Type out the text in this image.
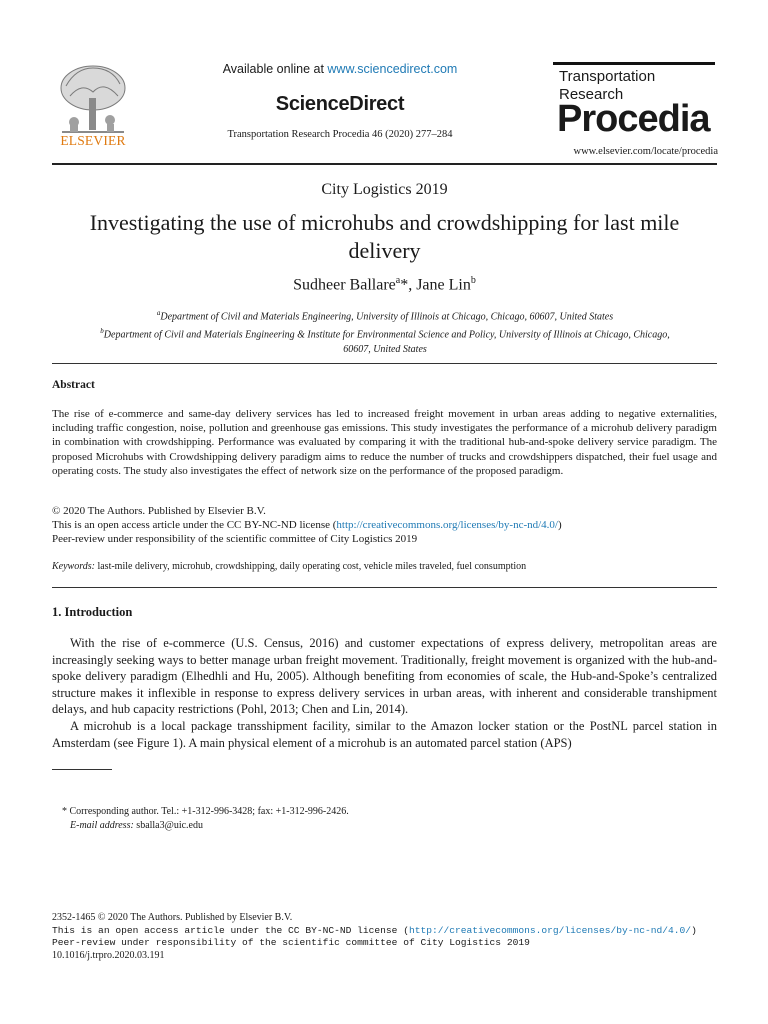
ELSEVIER
Available online at www.sciencedirect.com
ScienceDirect
Transportation Research Procedia 46 (2020) 277–284
Transportation
Research
Procedia
www.elsevier.com/locate/procedia
City Logistics 2019
Investigating the use of microhubs and crowdshipping for last mile
delivery
Sudheer Ballare$^a$*, Jane Lin$^b$
$^a$Department of Civil and Materials Engineering, University of Illinois at Chicago, Chicago, 60607, United States
$^b$Department of Civil and Materials Engineering & Institute for Environmental Science and Policy, University of Illinois at Chicago, Chicago,
60607, United States
Abstract
The rise of e-commerce and same-day delivery services has led to increased freight movement in urban areas adding to negative externalities, including traffic congestion, noise, pollution and greenhouse gas emissions. This study investigates the performance of a microhub delivery paradigm in combination with crowdshipping. Performance was evaluated by comparing it with the traditional hub-and-spoke delivery service paradigm. The proposed Microhubs with Crowdshipping delivery paradigm aims to reduce the number of trucks and crowdshippers dispatched, their fuel usage and operating costs. The study also investigates the effect of network size on the performance of the proposed paradigm.
© 2020 The Authors. Published by Elsevier B.V.
This is an open access article under the CC BY-NC-ND license (http://creativecommons.org/licenses/by-nc-nd/4.0/)
Peer-review under responsibility of the scientific committee of City Logistics 2019
Keywords: last-mile delivery, microhub, crowdshipping, daily operating cost, vehicle miles traveled, fuel consumption
1. Introduction

With the rise of e-commerce (U.S. Census, 2016) and customer expectations of express delivery, metropolitan areas are increasingly seeking ways to better manage urban freight movement. Traditionally, freight movement is organized with the hub-and-spoke delivery paradigm (Elhedhli and Hu, 2005). Although benefiting from economies of scale, the Hub-and-Spoke’s centralized structure makes it inflexible in response to express delivery services in urban areas, with inherent and considerable transhipment delays, and hub capacity restrictions (Pohl, 2013; Chen and Lin, 2014).

A microhub is a local package transshipment facility, similar to the Amazon locker station or the PostNL parcel station in Amsterdam (see Figure 1). A main physical element of a microhub is an automated parcel station (APS)

* Corresponding author. Tel.: +1-312-996-3428; fax: +1-312-996-2426.
E-mail address: sballa3@uic.edu
2352-1465 © 2020 The Authors. Published by Elsevier B.V.
This is an open access article under the CC BY-NC-ND license (http://creativecommons.org/licenses/by-nc-nd/4.0/)
Peer-review under responsibility of the scientific committee of City Logistics 2019
10.1016/j.trpro.2020.03.191
